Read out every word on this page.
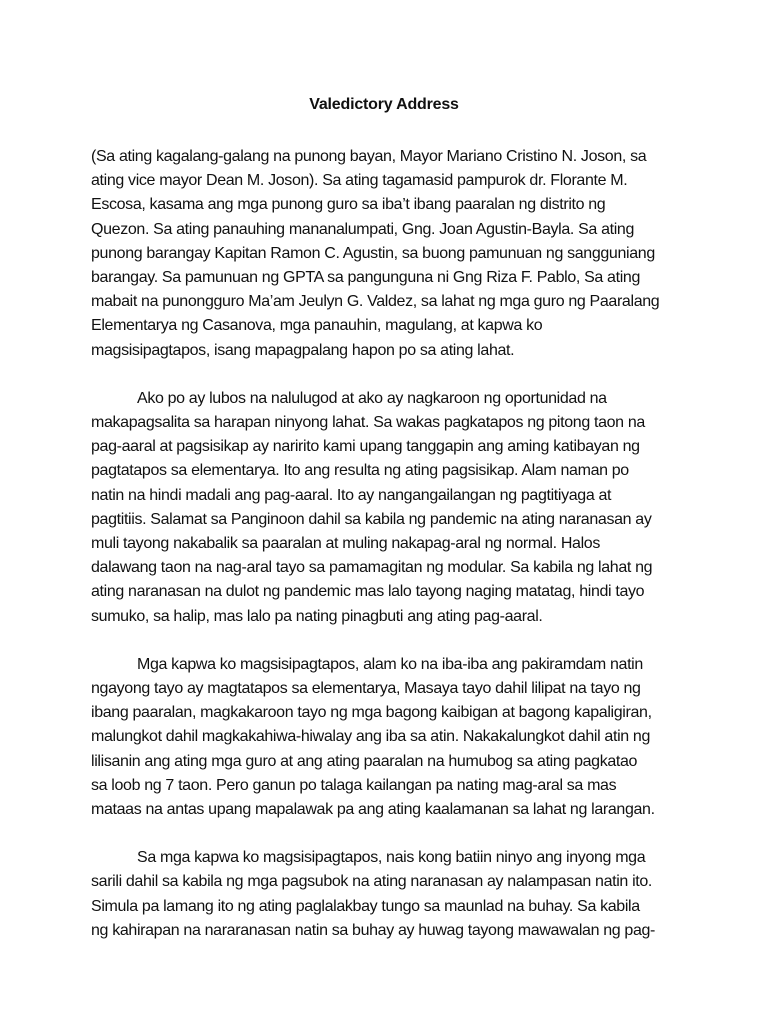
Valedictory Address
(Sa ating kagalang-galang na punong bayan, Mayor Mariano Cristino N. Joson, sa
ating vice mayor Dean M. Joson). Sa ating tagamasid pampurok dr. Florante M.
Escosa, kasama ang mga punong guro sa iba’t ibang paaralan ng distrito ng
Quezon. Sa ating panauhing mananalumpati, Gng. Joan Agustin-Bayla. Sa ating
punong barangay Kapitan Ramon C. Agustin, sa buong pamunuan ng sangguniang
barangay. Sa pamunuan ng GPTA sa pangunguna ni Gng Riza F. Pablo, Sa ating
mabait na punongguro Ma’am Jeulyn G. Valdez, sa lahat ng mga guro ng Paaralang
Elementarya ng Casanova, mga panauhin, magulang, at kapwa ko
magsisipagtapos, isang mapagpalang hapon po sa ating lahat.
Ako po ay lubos na nalulugod at ako ay nagkaroon ng oportunidad na
makapagsalita sa harapan ninyong lahat. Sa wakas pagkatapos ng pitong taon na
pag-aaral at pagsisikap ay naririto kami upang tanggapin ang aming katibayan ng
pagtatapos sa elementarya. Ito ang resulta ng ating pagsisikap. Alam naman po
natin na hindi madali ang pag-aaral. Ito ay nangangailangan ng pagtitiyaga at
pagtitiis. Salamat sa Panginoon dahil sa kabila ng pandemic na ating naranasan ay
muli tayong nakabalik sa paaralan at muling nakapag-aral ng normal. Halos
dalawang taon na nag-aral tayo sa pamamagitan ng modular. Sa kabila ng lahat ng
ating naranasan na dulot ng pandemic mas lalo tayong naging matatag, hindi tayo
sumuko, sa halip, mas lalo pa nating pinagbuti ang ating pag-aaral.
Mga kapwa ko magsisipagtapos, alam ko na iba-iba ang pakiramdam natin
ngayong tayo ay magtatapos sa elementarya, Masaya tayo dahil lilipat na tayo ng
ibang paaralan, magkakaroon tayo ng mga bagong kaibigan at bagong kapaligiran,
malungkot dahil magkakahiwa-hiwalay ang iba sa atin. Nakakalungkot dahil atin ng
lilisanin ang ating mga guro at ang ating paaralan na humubog sa ating pagkatao
sa loob ng 7 taon. Pero ganun po talaga kailangan pa nating mag-aral sa mas
mataas na antas upang mapalawak pa ang ating kaalamanan sa lahat ng larangan.
Sa mga kapwa ko magsisipagtapos, nais kong batiin ninyo ang inyong mga
sarili dahil sa kabila ng mga pagsubok na ating naranasan ay nalampasan natin ito.
Simula pa lamang ito ng ating paglalakbay tungo sa maunlad na buhay. Sa kabila
ng kahirapan na nararanasan natin sa buhay ay huwag tayong mawawalan ng pag-
